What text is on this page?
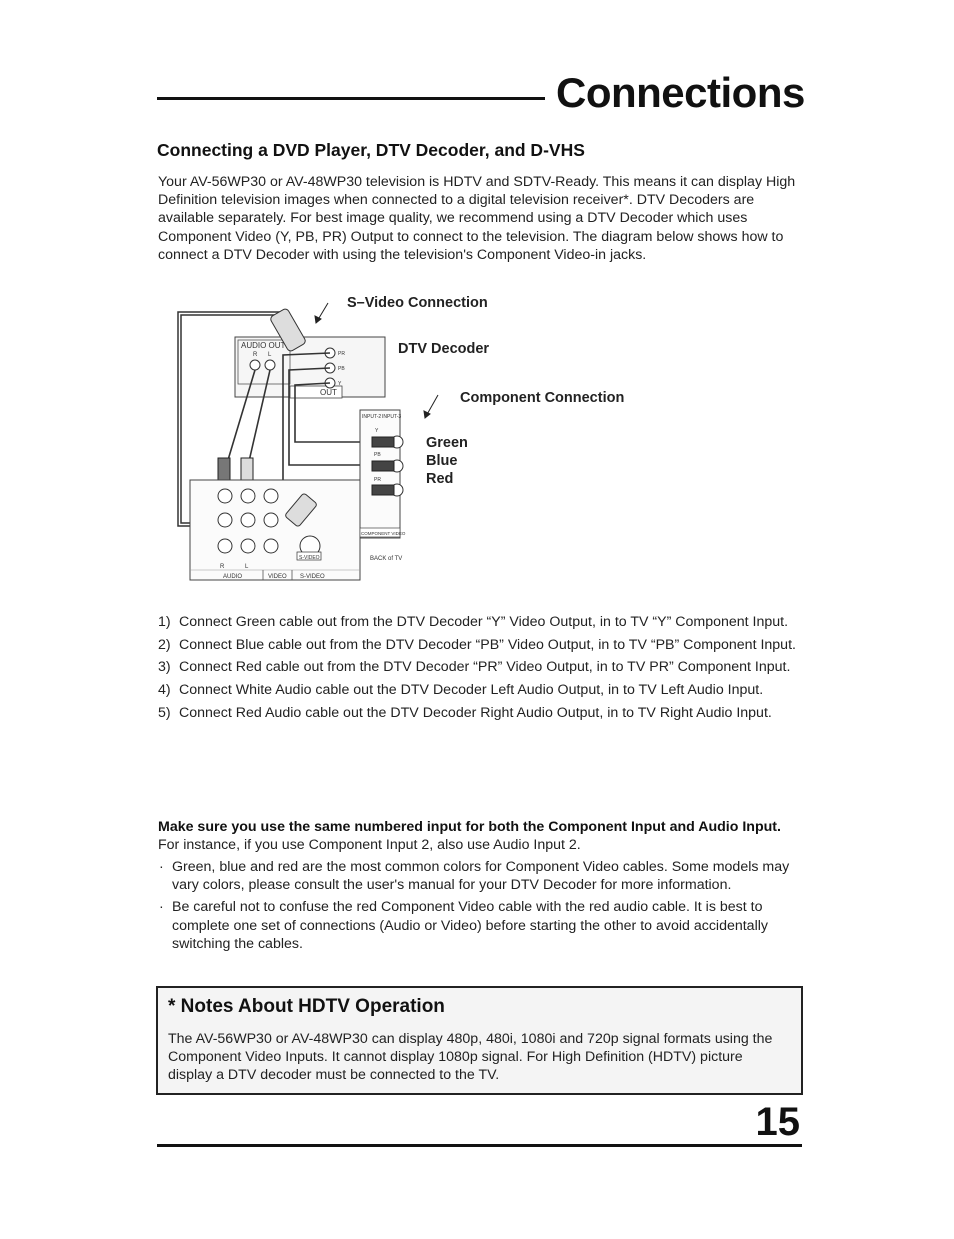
Connections
Connecting a DVD Player, DTV Decoder, and D-VHS
Your AV-56WP30 or AV-48WP30 television is HDTV and SDTV-Ready. This means it can display High Definition television images when connected to a digital television receiver*. DTV Decoders are available separately. For best image quality, we recommend using a DTV Decoder which uses Component Video (Y, PB, PR) Output to connect to the television. The diagram below shows how to connect a DTV Decoder with using the television's Component Video-in jacks.
AUDIO OUT
R L
OUT
PR
PB
Y
S-VIDEO
R	L
AUDIO	VIDEO S-VIDEO
INPUT-2 INPUT-3
Y
PB
PR
COMPONENT VIDEO
BACK of TV
S–Video Connection
DTV Decoder
Component Connection
Green
Blue
Red
1) Connect Green cable out from the DTV Decoder “Y” Video Output, in to TV “Y” Component Input.
2) Connect Blue cable out from the DTV Decoder “PB” Video Output, in to TV “PB” Component Input.
3) Connect Red cable out from the DTV Decoder “PR” Video Output, in to TV PR” Component Input.
4) Connect White Audio cable out the DTV Decoder Left Audio Output, in to TV Left Audio Input.
5) Connect Red Audio cable out the DTV Decoder Right Audio Output, in to TV Right Audio Input.
Make sure you use the same numbered input for both the Component Input and Audio Input. For instance, if you use Component Input 2, also use Audio Input 2.
· Green, blue and red are the most common colors for Component Video cables. Some models may vary colors, please consult the user's manual for your DTV Decoder for more information.
· Be careful not to confuse the red Component Video cable with the red audio cable. It is best to complete one set of connections (Audio or Video) before starting the other to avoid accidentally switching the cables.
* Notes About HDTV Operation
The AV-56WP30 or AV-48WP30 can display 480p, 480i, 1080i and 720p signal formats using the Component Video Inputs. It cannot display 1080p signal. For High Definition (HDTV) picture display a DTV decoder must be connected to the TV.
15
